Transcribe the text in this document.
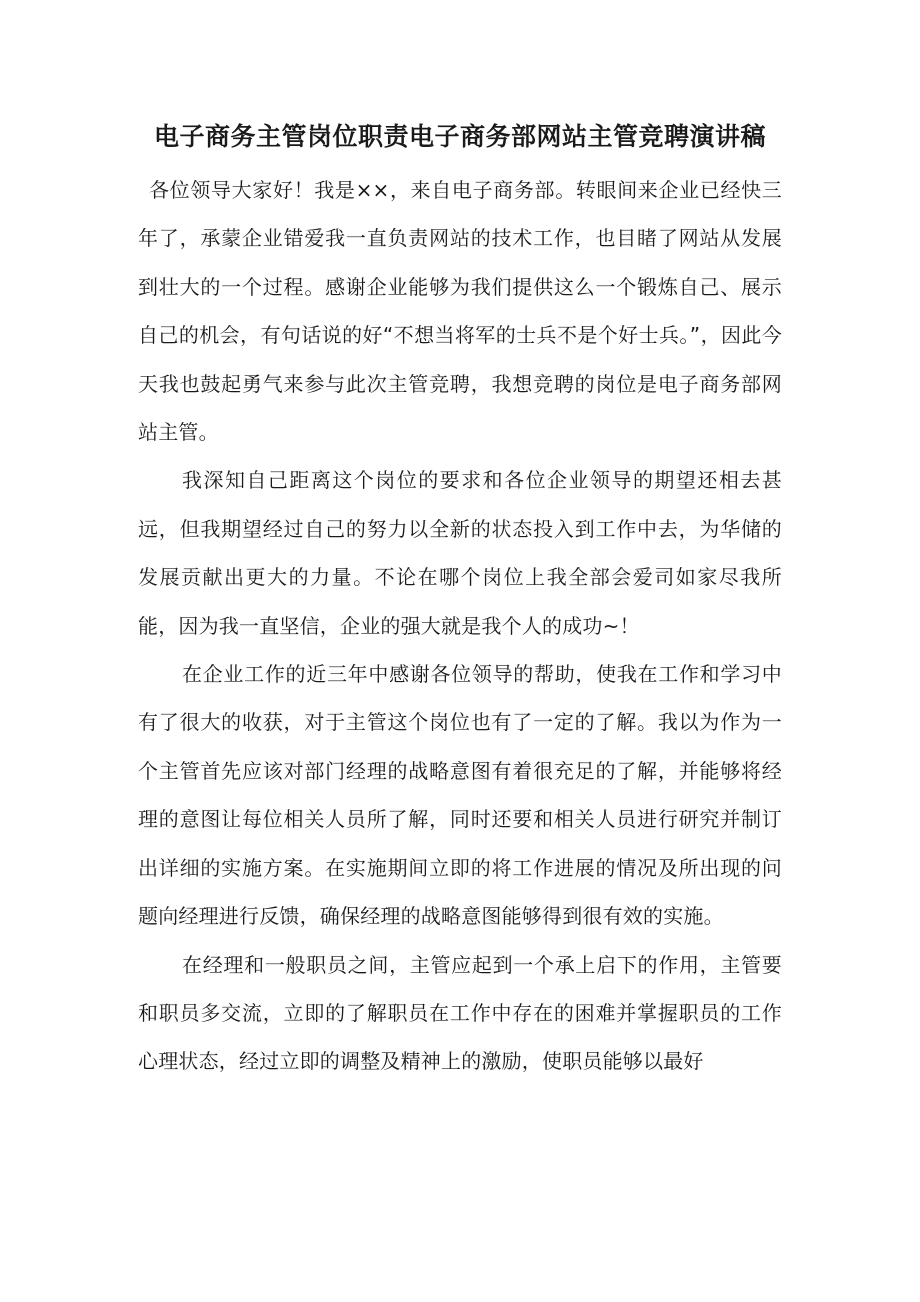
电子商务主管岗位职责电子商务部网站主管竞聘演讲稿

各位领导大家好！我是××，来自电子商务部。转眼间来企业已经快三年了，承蒙企业错爱我一直负责网站的技术工作，也目睹了网站从发展到壮大的一个过程。感谢企业能够为我们提供这么一个锻炼自己、展示自己的机会，有句话说的好“不想当将军的士兵不是个好士兵。”，因此今天我也鼓起勇气来参与此次主管竞聘，我想竞聘的岗位是电子商务部网站主管。

我深知自己距离这个岗位的要求和各位企业领导的期望还相去甚远，但我期望经过自己的努力以全新的状态投入到工作中去，为华储的发展贡献出更大的力量。不论在哪个岗位上我全部会爱司如家尽我所能，因为我一直坚信，企业的强大就是我个人的成功~！

在企业工作的近三年中感谢各位领导的帮助，使我在工作和学习中有了很大的收获，对于主管这个岗位也有了一定的了解。我以为作为一个主管首先应该对部门经理的战略意图有着很充足的了解，并能够将经理的意图让每位相关人员所了解，同时还要和相关人员进行研究并制订出详细的实施方案。在实施期间立即的将工作进展的情况及所出现的问题向经理进行反馈，确保经理的战略意图能够得到很有效的实施。

在经理和一般职员之间，主管应起到一个承上启下的作用，主管要和职员多交流，立即的了解职员在工作中存在的困难并掌握职员的工作心理状态，经过立即的调整及精神上的激励，使职员能够以最好
